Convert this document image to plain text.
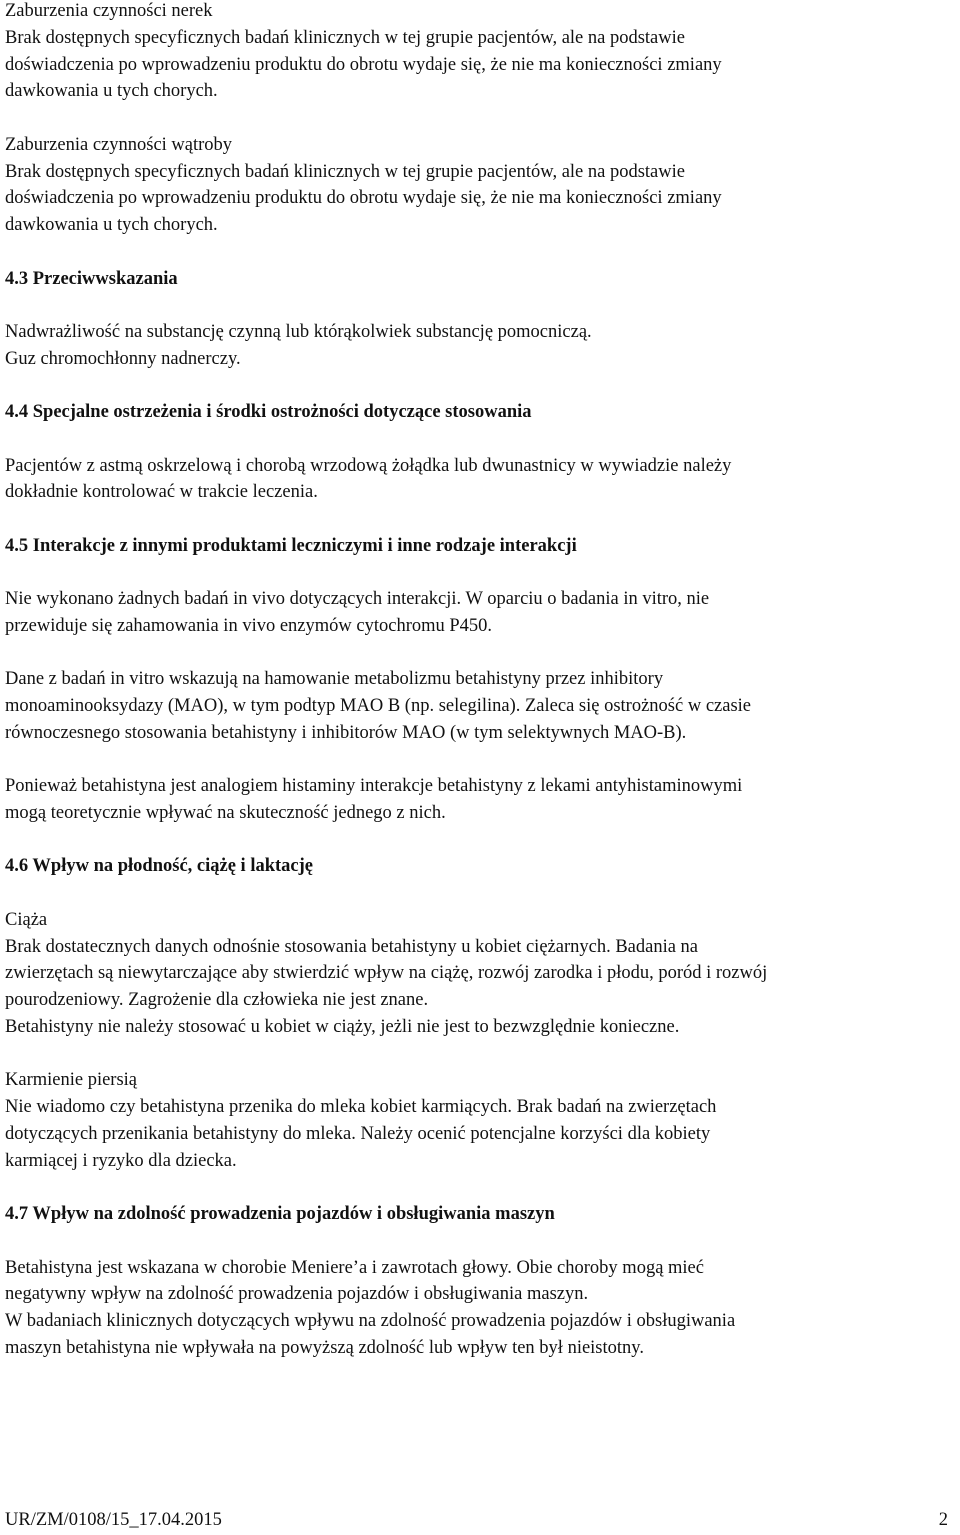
Zaburzenia czynności nerek
Brak dostępnych specyficznych badań klinicznych w tej grupie pacjentów, ale na podstawie
doświadczenia po wprowadzeniu produktu do obrotu wydaje się, że nie ma konieczności zmiany
dawkowania u tych chorych.
Zaburzenia czynności wątroby
Brak dostępnych specyficznych badań klinicznych w tej grupie pacjentów, ale na podstawie
doświadczenia po wprowadzeniu produktu do obrotu wydaje się, że nie ma konieczności zmiany
dawkowania u tych chorych.
4.3 Przeciwwskazania
Nadwrażliwość na substancję czynną lub którąkolwiek substancję pomocniczą.
Guz chromochłonny nadnerczy.
4.4 Specjalne ostrzeżenia i środki ostrożności dotyczące stosowania
Pacjentów z astmą oskrzelową i chorobą wrzodową żołądka lub dwunastnicy w wywiadzie należy
dokładnie kontrolować w trakcie leczenia.
4.5 Interakcje z innymi produktami leczniczymi i inne rodzaje interakcji
Nie wykonano żadnych badań in vivo dotyczących interakcji. W oparciu o badania in vitro, nie
przewiduje się zahamowania in vivo enzymów cytochromu P450.
Dane z badań in vitro wskazują na hamowanie metabolizmu betahistyny przez inhibitory
monoaminooksydazy (MAO), w tym podtyp MAO B (np. selegilina). Zaleca się ostrożność w czasie
równoczesnego stosowania betahistyny i inhibitorów MAO (w tym selektywnych MAO-B).
Ponieważ betahistyna jest analogiem histaminy interakcje betahistyny z lekami antyhistaminowymi
mogą teoretycznie wpływać na skuteczność jednego z nich.
4.6 Wpływ na płodność, ciążę i laktację
Ciąża
Brak dostatecznych danych odnośnie stosowania betahistyny u kobiet ciężarnych. Badania na
zwierzętach są niewytarczające aby stwierdzić wpływ na ciążę, rozwój zarodka i płodu, poród i rozwój
pourodzeniowy. Zagrożenie dla człowieka nie jest znane.
Betahistyny nie należy stosować u kobiet w ciąży, jeżli nie jest to bezwzględnie konieczne.
Karmienie piersią
Nie wiadomo czy betahistyna przenika do mleka kobiet karmiących. Brak badań na zwierzętach
dotyczących przenikania betahistyny do mleka. Należy ocenić potencjalne korzyści dla kobiety
karmiącej i ryzyko dla dziecka.
4.7 Wpływ na zdolność prowadzenia pojazdów i obsługiwania maszyn
Betahistyna jest wskazana w chorobie Meniere’a i zawrotach głowy. Obie choroby mogą mieć
negatywny wpływ na zdolność prowadzenia pojazdów i obsługiwania maszyn.
W badaniach klinicznych dotyczących wpływu na zdolność prowadzenia pojazdów i obsługiwania
maszyn betahistyna nie wpływała na powyższą zdolność lub wpływ ten był nieistotny.
UR/ZM/0108/15_17.04.2015	2
